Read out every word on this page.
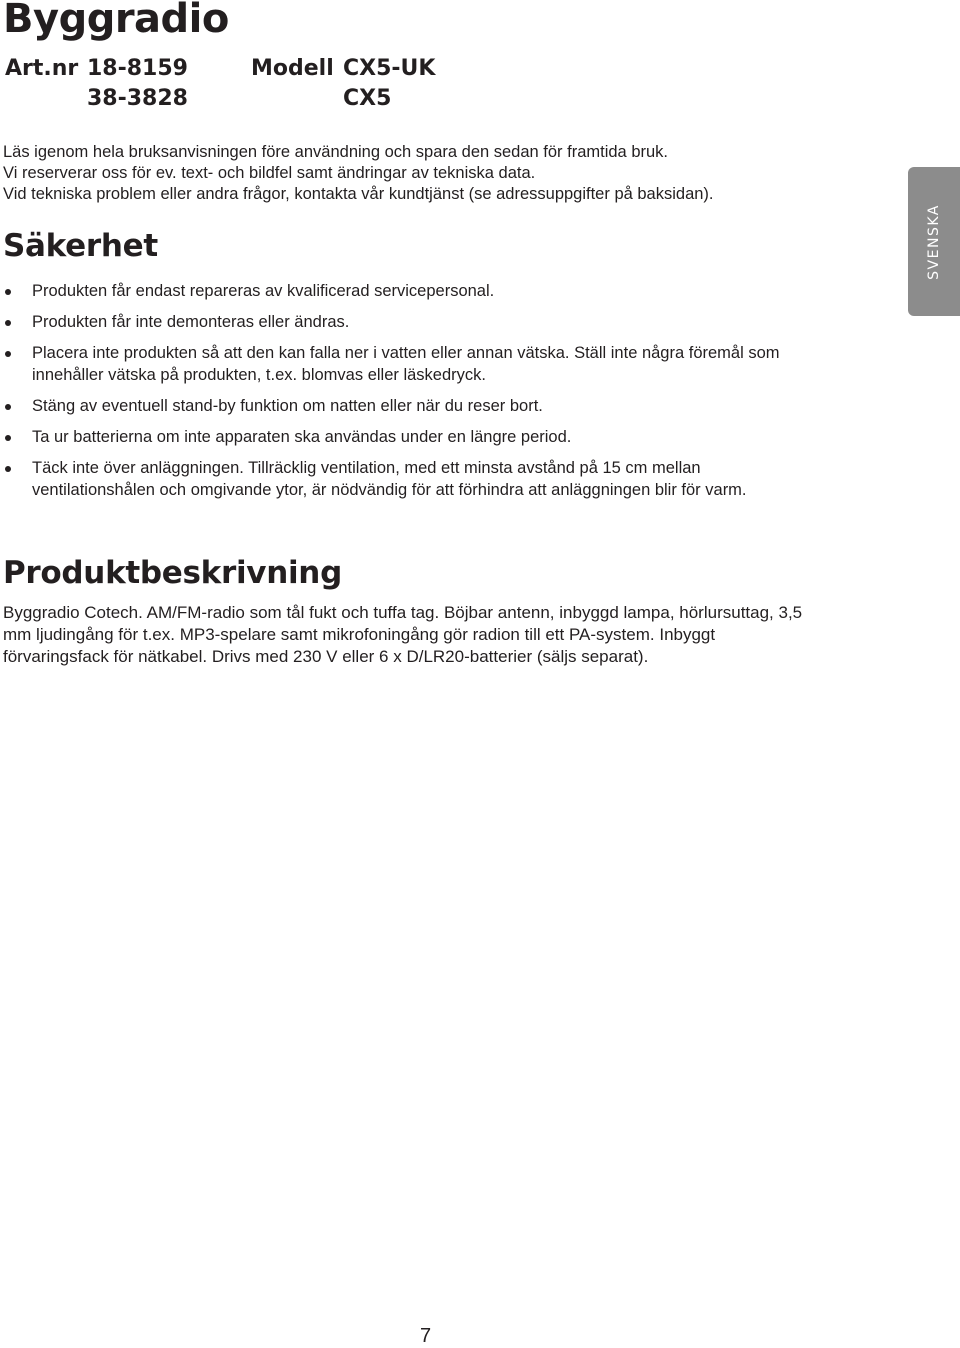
Byggradio
Art.nr 18-8159
38-3828
Modell CX5-UK
CX5

Läs igenom hela bruksanvisningen före användning och spara den sedan för framtida bruk.

Vi reserverar oss för ev. text- och bildfel samt ändringar av tekniska data.

Vid tekniska problem eller andra frågor, kontakta vår kundtjänst (se adressuppgifter på baksidan).

Säkerhet
Produkten får endast repareras av kvalificerad servicepersonal.
Produkten får inte demonteras eller ändras.
Placera inte produkten så att den kan falla ner i vatten eller annan vätska. Ställ inte några föremål som innehåller vätska på produkten, t.ex. blomvas eller läskedryck.
Stäng av eventuell stand-by funktion om natten eller när du reser bort.
Ta ur batterierna om inte apparaten ska användas under en längre period.
Täck inte över anläggningen. Tillräcklig ventilation, med ett minsta avstånd på 15 cm mellan ventilationshålen och omgivande ytor, är nödvändig för att förhindra att anläggningen blir för varm.
Produktbeskrivning

Byggradio Cotech. AM/FM-radio som tål fukt och tuffa tag. Böjbar antenn, inbyggd lampa, hörlursuttag, 3,5 mm ljudingång för t.ex. MP3-spelare samt mikrofoningång gör radion till ett PA-system. Inbyggt förvaringsfack för nätkabel. Drivs med 230 V eller 6 x D/LR20-batterier (säljs separat).

SVENSKA
7
